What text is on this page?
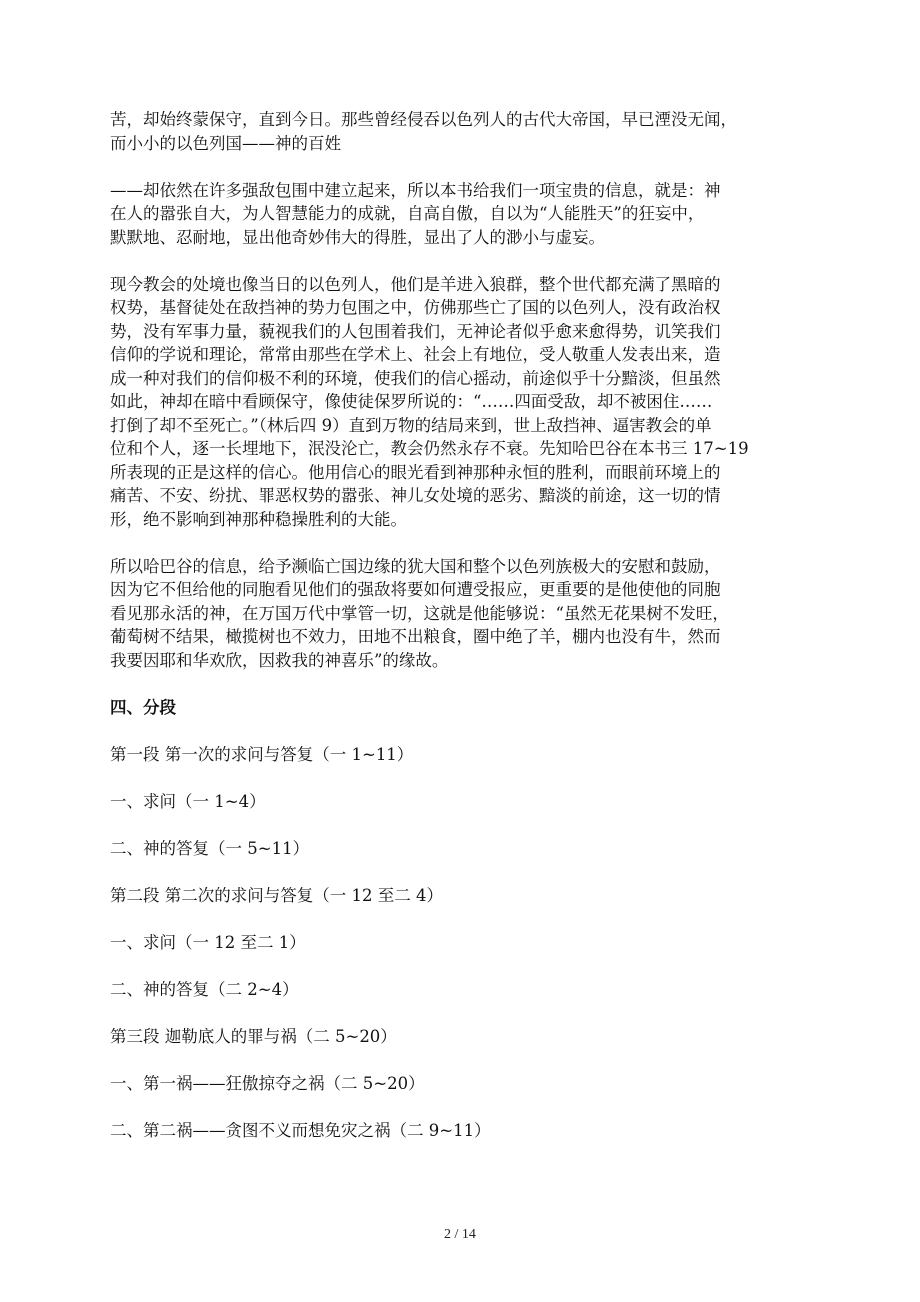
苦，却始终蒙保守，直到今日。那些曾经侵吞以色列人的古代大帝国，早已湮没无闻，
而小小的以色列国——神的百姓

——却依然在许多强敌包围中建立起来，所以本书给我们一项宝贵的信息，就是：神
在人的嚣张自大，为人智慧能力的成就，自高自傲，自以为“人能胜天”的狂妄中，
默默地、忍耐地，显出他奇妙伟大的得胜，显出了人的渺小与虚妄。

现今教会的处境也像当日的以色列人，他们是羊进入狼群，整个世代都充满了黑暗的
权势，基督徒处在敌挡神的势力包围之中，仿佛那些亡了国的以色列人，没有政治权
势，没有军事力量，藐视我们的人包围着我们，无神论者似乎愈来愈得势，讥笑我们
信仰的学说和理论，常常由那些在学术上、社会上有地位，受人敬重人发表出来，造
成一种对我们的信仰极不利的环境，使我们的信心摇动，前途似乎十分黯淡，但虽然
如此，神却在暗中看顾保守，像使徒保罗所说的：“……四面受敌，却不被困住……
打倒了却不至死亡。”（林后四 9）直到万物的结局来到，世上敌挡神、逼害教会的单
位和个人，逐一长埋地下，泯没沦亡，教会仍然永存不衰。先知哈巴谷在本书三 17~19
所表现的正是这样的信心。他用信心的眼光看到神那种永恒的胜利，而眼前环境上的
痛苦、不安、纷扰、罪恶权势的嚣张、神儿女处境的恶劣、黯淡的前途，这一切的情
形，绝不影响到神那种稳操胜利的大能。

所以哈巴谷的信息，给予濒临亡国边缘的犹大国和整个以色列族极大的安慰和鼓励，
因为它不但给他的同胞看见他们的强敌将要如何遭受报应，更重要的是他使他的同胞
看见那永活的神，在万国万代中掌管一切，这就是他能够说：“虽然无花果树不发旺，
葡萄树不结果，橄揽树也不效力，田地不出粮食，圈中绝了羊，棚内也没有牛，然而
我要因耶和华欢欣，因救我的神喜乐”的缘故。

四、分段

第一段 第一次的求问与答复（一 1~11）

一、求问（一 1~4）

二、神的答复（一 5~11）

第二段 第二次的求问与答复（一 12 至二 4）

一、求问（一 12 至二 1）

二、神的答复（二 2~4）

第三段 迦勒底人的罪与祸（二 5~20）

一、第一祸——狂傲掠夺之祸（二 5~20）

二、第二祸——贪图不义而想免灾之祸（二 9~11）

2 / 14
